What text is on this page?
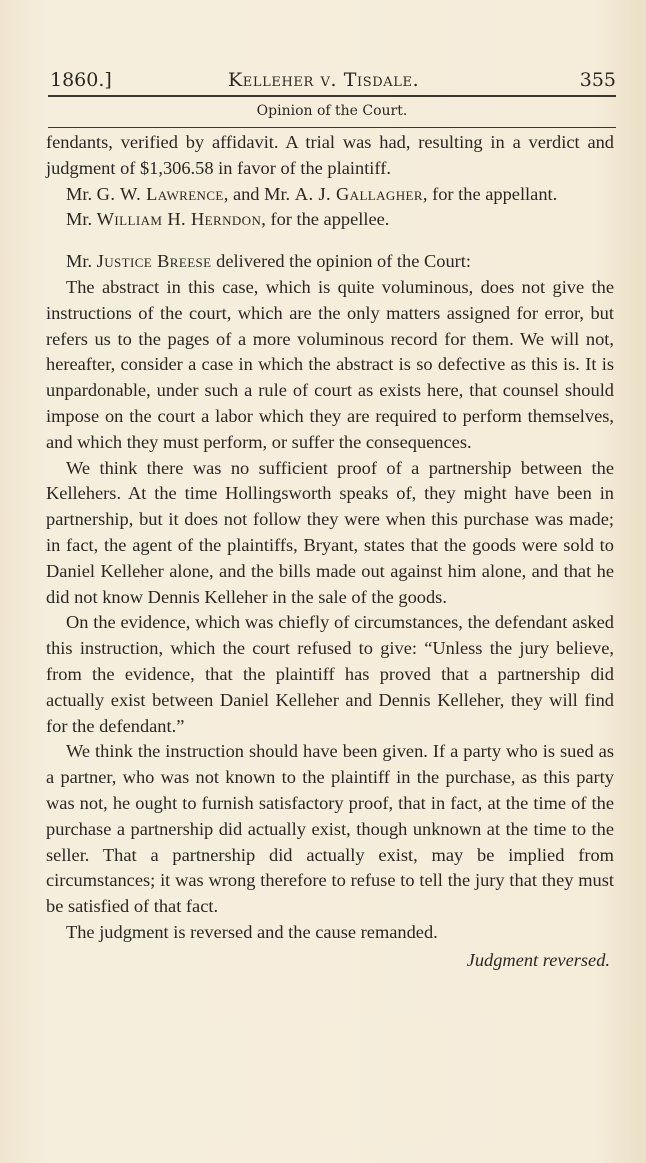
1860.]	Kelleher v. Tisdale.	355
Opinion of the Court.

fendants, verified by affidavit. A trial was had, resulting in a verdict and judgment of $1,306.58 in favor of the plaintiff.

Mr. G. W. Lawrence, and Mr. A. J. Gallagher, for the appellant.

Mr. William H. Herndon, for the appellee.

Mr. Justice Breese delivered the opinion of the Court:

The abstract in this case, which is quite voluminous, does not give the instructions of the court, which are the only matters assigned for error, but refers us to the pages of a more voluminous record for them. We will not, hereafter, consider a case in which the abstract is so defective as this is. It is unpardonable, under such a rule of court as exists here, that counsel should impose on the court a labor which they are required to perform themselves, and which they must perform, or suffer the consequences.

We think there was no sufficient proof of a partnership between the Kellehers. At the time Hollingsworth speaks of, they might have been in partnership, but it does not follow they were when this purchase was made; in fact, the agent of the plaintiffs, Bryant, states that the goods were sold to Daniel Kelleher alone, and the bills made out against him alone, and that he did not know Dennis Kelleher in the sale of the goods.

On the evidence, which was chiefly of circumstances, the defendant asked this instruction, which the court refused to give: “Unless the jury believe, from the evidence, that the plaintiff has proved that a partnership did actually exist between Daniel Kelleher and Dennis Kelleher, they will find for the defendant.”

We think the instruction should have been given. If a party who is sued as a partner, who was not known to the plaintiff in the purchase, as this party was not, he ought to furnish satisfactory proof, that in fact, at the time of the purchase a partnership did actually exist, though unknown at the time to the seller. That a partnership did actually exist, may be implied from circumstances; it was wrong therefore to refuse to tell the jury that they must be satisfied of that fact.

The judgment is reversed and the cause remanded.

Judgment reversed.
